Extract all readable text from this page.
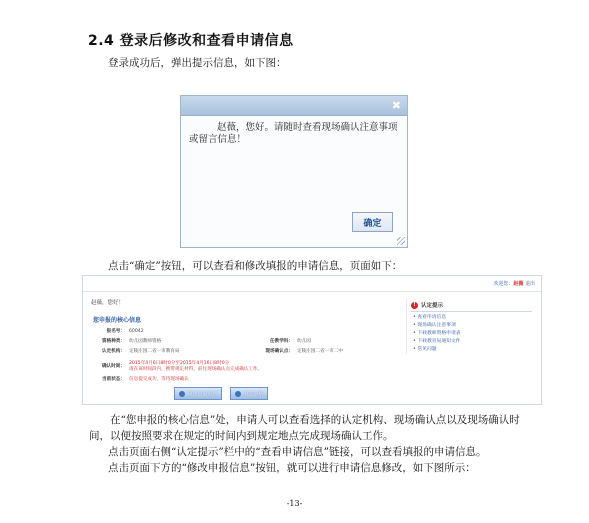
2.4 登录后修改和查看申请信息
登录成功后，弹出提示信息，如下图：
✖
赵薇，您好。请随时查看现场确认注意事项或留言信息！
确定
点击“确定”按钮，可以查看和修改填报的申请信息，页面如下：
欢迎您：赵薇 退出
赵薇，您好！
您申报的核心信息
报名号： 60042
资格种类： 幼儿园教师资格	任教学科： 幼儿园
认定机构： 定陵庄园二省一市教育局	现场确认点： 定陵庄园二省一市二中
确认时间：2015年4月6日8时0分至2015年4月16日8时0分
请在该时间段内，携带规定材料，前往现场确认点完成确认工作。
当前状态： 信息提交成功，等待现场确认
修改申报信息	打印表格
! 认定提示
• 查看申请信息
• 现场确认注意事项
• 下载教师资格申请表
• 下载教育局通知文件
• 常见问题
在“您申报的核心信息”处，申请人可以查看选择的认定机构、现场确认点以及现场确认时间，以便按照要求在规定的时间内到规定地点完成现场确认工作。
点击页面右侧“认定提示”栏中的“查看申请信息”链接，可以查看填报的申请信息。
点击页面下方的“修改申报信息”按钮，就可以进行申请信息修改，如下图所示：
-13-
